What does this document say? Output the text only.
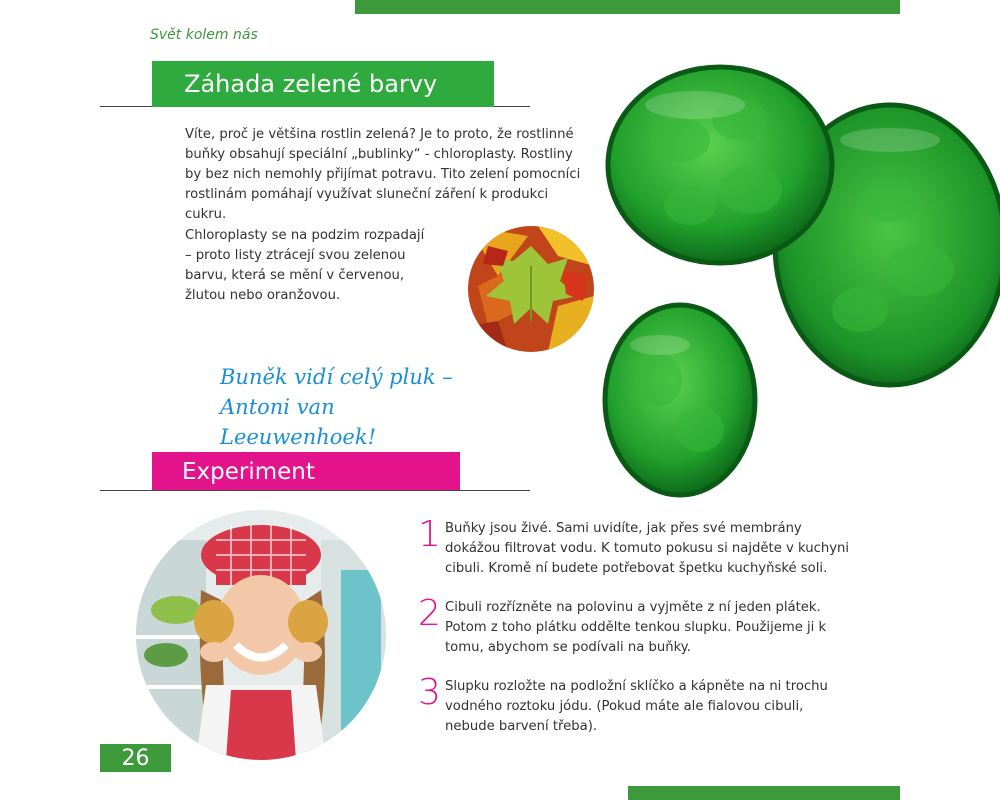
Svět kolem nás
Záhada zelené barvy
Víte, proč je většina rostlin zelená? Je to proto, že rostlinné buňky obsahují speciální „bublinky“ - chloroplasty. Rostliny by bez nich nemohly přijímat potravu. Tito zelení pomocníci rostlinám pomáhají využívat sluneční záření k produkci cukru.
Chloroplasty se na podzim rozpadají – proto listy ztrácejí svou zelenou barvu, která se mění v červenou, žlutou nebo oranžovou.
Buněk vidí celý pluk –
Antoni van Leeuwenhoek!
Experiment
1 Buňky jsou živé. Sami uvidíte, jak přes své membrány dokážou filtrovat vodu. K tomuto pokusu si najděte v kuchyni cibuli. Kromě ní budete potřebovat špetku kuchyňské soli.
2 Cibuli rozřízněte na polovinu a vyjměte z ní jeden plátek. Potom z toho plátku oddělte tenkou slupku. Použijeme ji k tomu, abychom se podívali na buňky.
3 Slupku rozložte na podložní sklíčko a kápněte na ni trochu vodného roztoku jódu. (Pokud máte ale fialovou cibuli, nebude barvení třeba).
26
